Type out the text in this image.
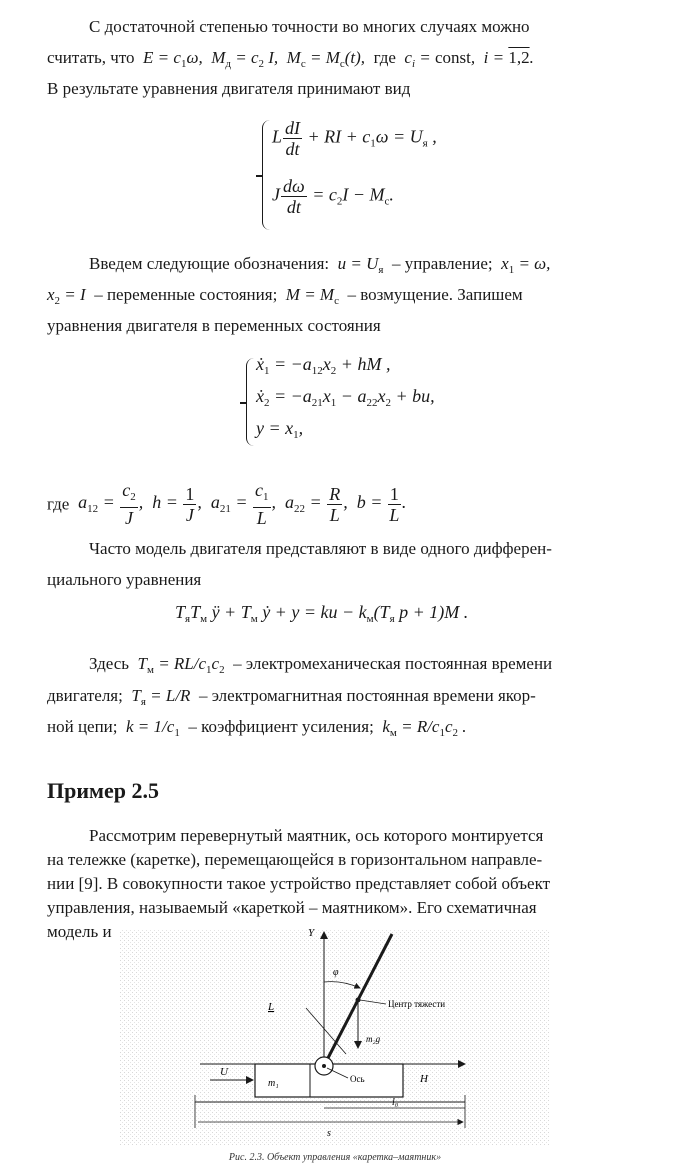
С достаточной степенью точности во многих случаях можно
считать, что  $E = c_1\omega$,  $M_д = c_2$ I,  $M_c = M_c(t)$,  где  $c_i$ = const,  i = 1,2.
В результате уравнения двигателя принимают вид
L $\frac{dI}{dt}$ + RI + $c_1\omega = U_я$ ,
J $\frac{d\omega}{dt} = c_2I - M_c$.
Введем следующие обозначения:  $u = U_я$ – управление;  $x_1 = \omega$,
$x_2 = I$  – переменные состояния;  $M = M_c$ – возмущение. Запишем
уравнения двигателя в переменных состояния
ẋ$_1$ = $-a_{12}x_2$ + hM ,
ẋ$_2$ = $-a_{21}x_1 - a_{22}x_2$ + bu,
$y = x_1$,
где  $a_{12} = \frac{c_2}{J}$ ,  $h = \frac{1}{J}$ ,  $a_{21} = \frac{c_1}{L}$ ,  $a_{22} = \frac{R}{L}$ ,  $b = \frac{1}{L}$ .
Часто модель двигателя представляют в виде одного дифферен-
циального уравнения
$T_яT_м$ ÿ + $T_м$ ẏ + y = ku − $k_м(T_я$ p + 1)M .
Здесь  $T_м = RL/c_1c_2$ – электромеханическая постоянная времени
двигателя;  $T_я = L/R$  – электромагнитная постоянная времени якор-
ной цепи;  $k = 1/c_1$ – коэффициент усиления;  $k_м = R/c_1c_2$ .
Пример 2.5
Рассмотрим перевернутый маятник, ось которого монтируется
на тележке (каретке), перемещающейся в горизонтальном направле-
нии [9]. В совокупности такое устройство представляет собой объект
управления, называемый «кареткой – маятником». Его схематичная
модель и	Y
H
m₁
U
Ось
Центр тяжести
m₂g
φ
L
l₀
s
Рис. 2.3. Объект управления «каретка–маятник»
